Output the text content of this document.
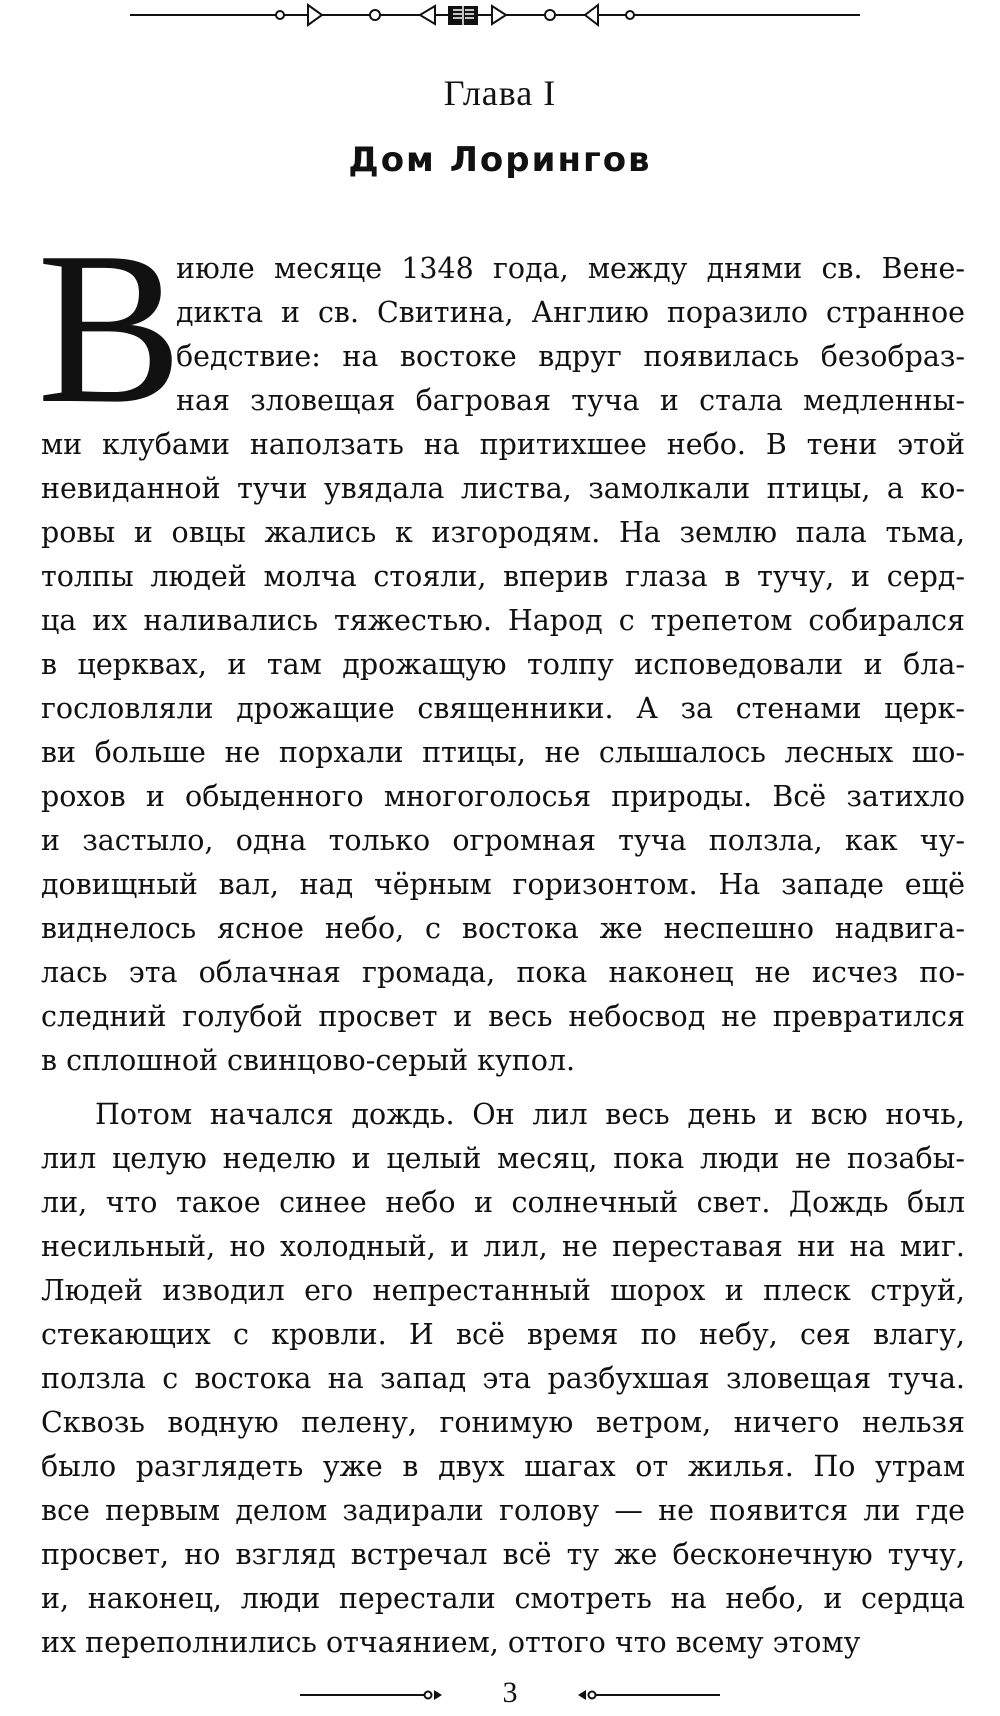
Глава I
Дом Лорингов
В
июле месяце 1348 года, между днями св. Вене-
дикта и св. Свитина, Англию поразило странное
бедствие: на востоке вдруг появилась безобраз-
ная зловещая багровая туча и стала медленны-
ми клубами наползать на притихшее небо. В тени этой
невиданной тучи увядала листва, замолкали птицы, а ко-
ровы и овцы жались к изгородям. На землю пала тьма,
толпы людей молча стояли, вперив глаза в тучу, и серд-
ца их наливались тяжестью. Народ с трепетом собирался
в церквах, и там дрожащую толпу исповедовали и бла-
гословляли дрожащие священники. А за стенами церк-
ви больше не порхали птицы, не слышалось лесных шо-
рохов и обыденного многоголосья природы. Всё затихло
и застыло, одна только огромная туча ползла, как чу-
довищный вал, над чёрным горизонтом. На западе ещё
виднелось ясное небо, с востока же неспешно надвига-
лась эта облачная громада, пока наконец не исчез по-
следний голубой просвет и весь небосвод не превратился
в сплошной свинцово-серый купол.
Потом начался дождь. Он лил весь день и всю ночь,
лил целую неделю и целый месяц, пока люди не позабы-
ли, что такое синее небо и солнечный свет. Дождь был
несильный, но холодный, и лил, не переставая ни на миг.
Людей изводил его непрестанный шорох и плеск струй,
стекающих с кровли. И всё время по небу, сея влагу,
ползла с востока на запад эта разбухшая зловещая туча.
Сквозь водную пелену, гонимую ветром, ничего нельзя
было разглядеть уже в двух шагах от жилья. По утрам
все первым делом задирали голову — не появится ли где
просвет, но взгляд встречал всё ту же бесконечную тучу,
и, наконец, люди перестали смотреть на небо, и сердца
их переполнились отчаянием, оттого что всему этому
3
